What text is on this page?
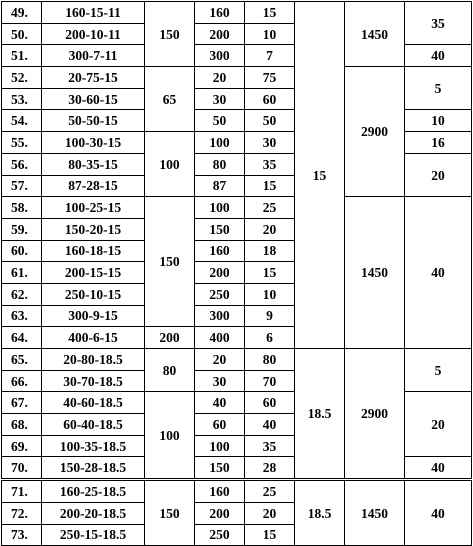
49.	160-15-11	150	160	15	15	1450	35
50.	200-10-11		200	10			
51.	300-7-11		300	7			40
52.	20-75-15	65	20	75		2900	5
53.	30-60-15		30	60			
54.	50-50-15		50	50			10
55.	100-30-15	100	100	30			16
56.	80-35-15		80	35			20
57.	87-28-15		87	15			
58.	100-25-15	150	100	25		1450	40
59.	150-20-15		150	20			
60.	160-18-15		160	18			
61.	200-15-15		200	15			
62.	250-10-15		250	10			
63.	300-9-15		300	9			
64.	400-6-15	200	400	6			
65.	20-80-18.5	80	20	80	18.5	2900	5
66.	30-70-18.5		30	70			
67.	40-60-18.5	100	40	60			20
68.	60-40-18.5		60	40			
69.	100-35-18.5		100	35			
70.	150-28-18.5		150	28			40
71.	160-25-18.5	150	160	25	18.5	1450	40
72.	200-20-18.5		200	20			
73.	250-15-18.5		250	15			
